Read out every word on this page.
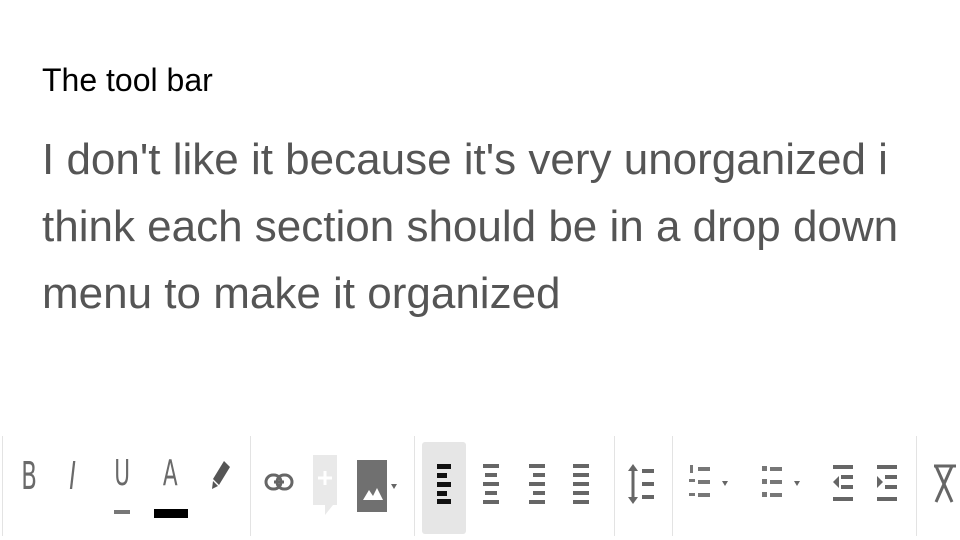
The tool bar
I don't like it because it's very unorganized i think each section should be in a drop down menu to make it organized
B I U A
